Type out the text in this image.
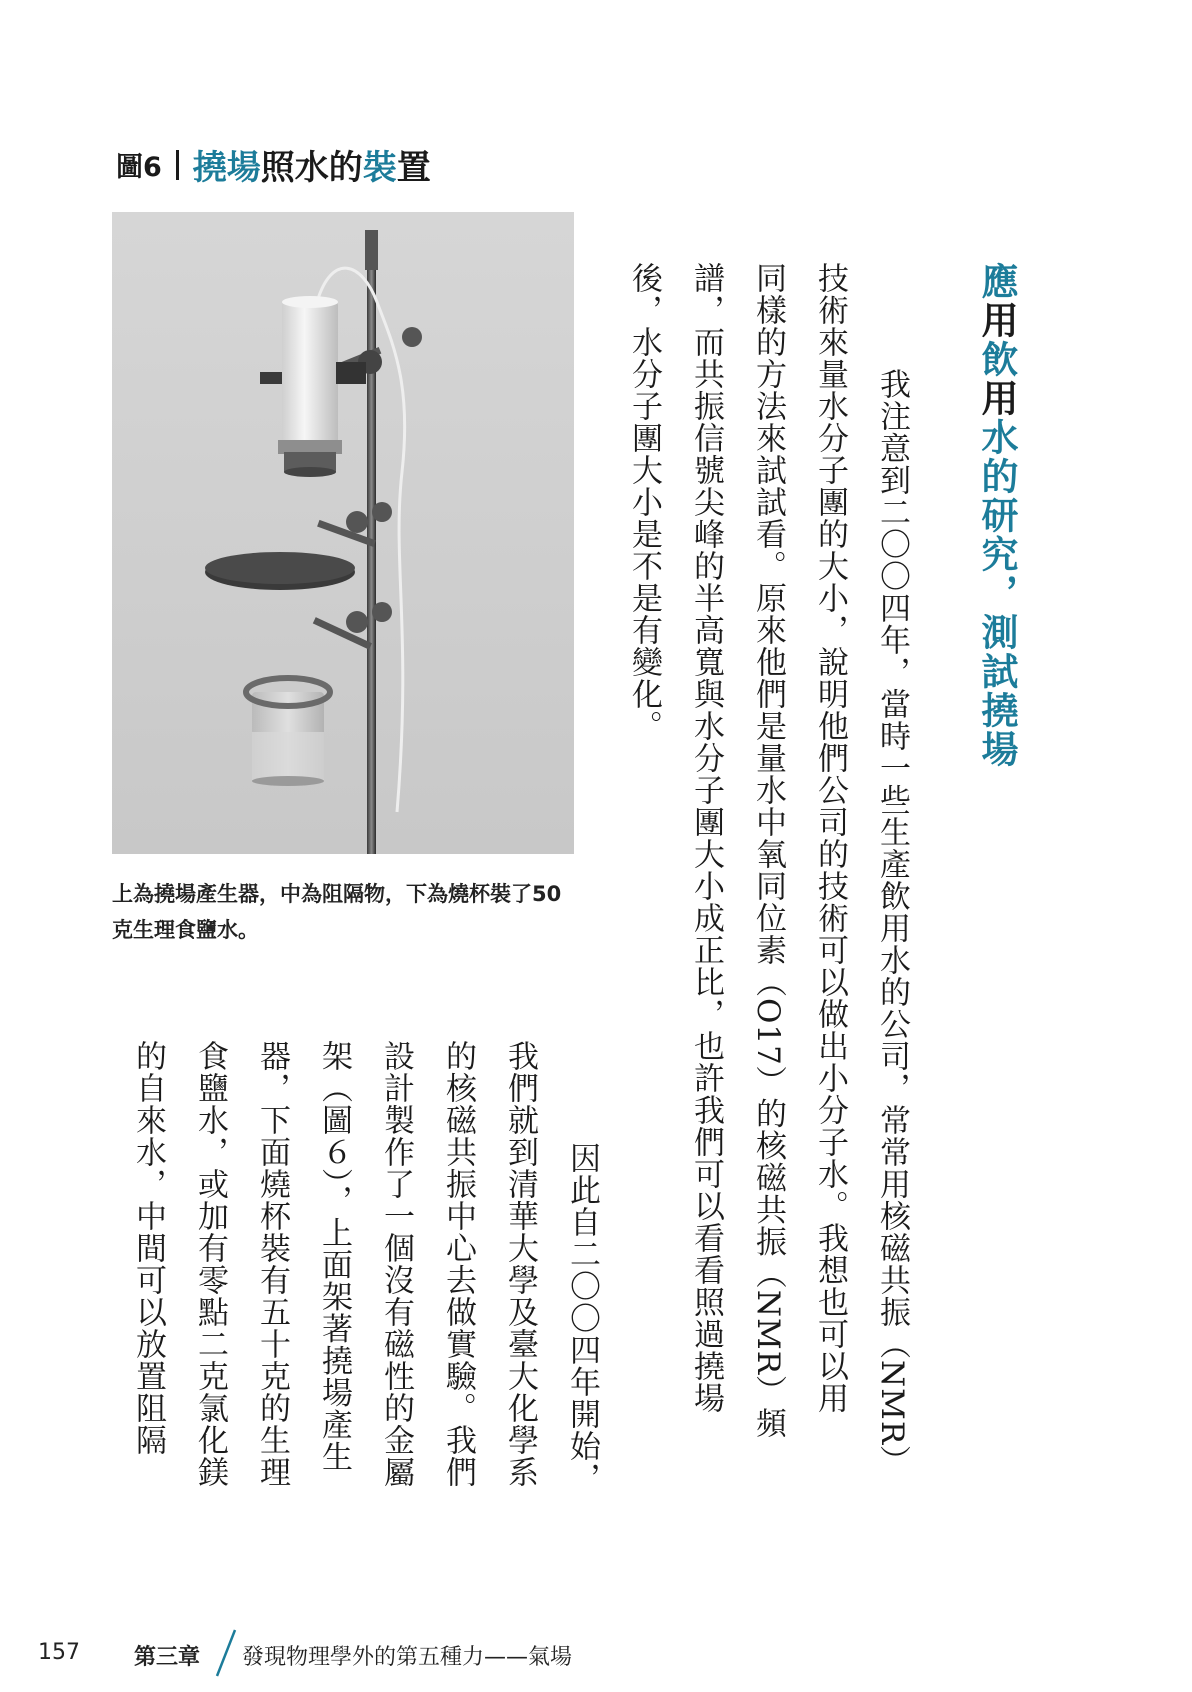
圖6 撓場 照水的 裝 置
上為撓場產生器，中為阻隔物，下為燒杯裝了50克生理食鹽水。
應用飲用水的研究，測試撓場
　我注意到二〇〇四年，當時一些生產飲用水的公司，常常用核磁共振（NMR）
技術來量水分子團的大小，說明他們公司的技術可以做出小分子水。我想也可以用
同樣的方法來試試看。原來他們是量水中氧同位素（O17）的核磁共振（NMR）頻
譜，而共振信號尖峰的半高寬與水分子團大小成正比，也許我們可以看看照過撓場
後，水分子團大小是不是有變化。
　因此自二〇〇四年開始，
我們就到清華大學及臺大化學系
的核磁共振中心去做實驗。我們
設計製作了一個沒有磁性的金屬
架（圖６），上面架著撓場產生
器，下面燒杯裝有五十克的生理
食鹽水，或加有零點二克氯化鎂
的自來水，中間可以放置阻隔
157 第三章 發現物理學外的第五種力——氣場
